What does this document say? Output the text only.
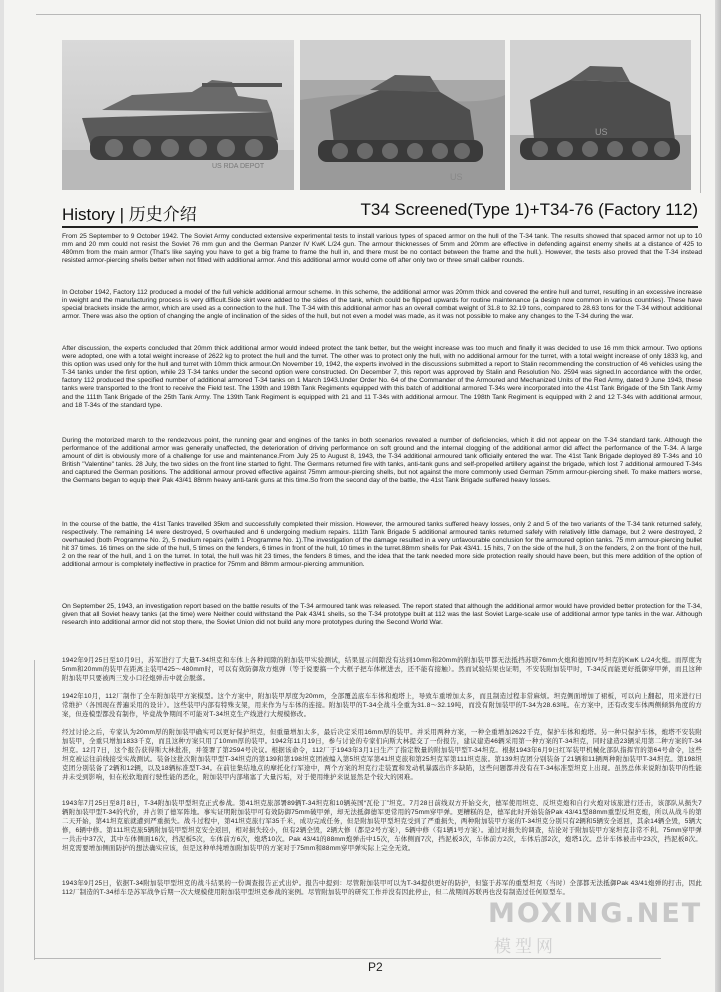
US RDA DEPOT
US
US
History | 历史介绍	T34 Screened(Type 1)+T34-76 (Factory 112)

From 25 September to 9 October 1942. The Soviet Army conducted extensive experimental tests to install various types of spaced armor on the hull of the T-34 tank. The results showed that spaced armor not up to 10 mm and 20 mm could not resist the Soviet 76 mm gun and the German Panzer IV KwK L/24 gun. The armour thicknesses of 5mm and 20mm are effective in defending against enemy shells at a distance of 425 to 480mm from the main armor (That's like saying you have to get a big frame to frame the hull in, and there must be no contact between the frame and the hull.). However, the tests also proved that the T-34 instead resisted armor-piercing shells better when not fitted with additional armor. And this additional armor would come off after only two or three small caliber rounds.

In October 1942, Factory 112 produced a model of the full vehicle additional armour scheme. In this scheme, the additional armor was 20mm thick and covered the entire hull and turret, resulting in an excessive increase in weight and the manufacturing process is very difficult.Side skirt were added to the sides of the tank, which could be flipped upwards for routine maintenance (a design now common in various countries). These have special brackets inside the armor, which are used as a connection to the hull. The T-34 with this additional armor has an overall combat weight of 31.8 to 32.19 tons, compared to 28.63 tons for the T-34 without additional armor. There was also the option of changing the angle of inclination of the sides of the hull, but not even a model was made, as it was not possible to make any changes to the T-34 during the war.

After discussion, the experts concluded that 20mm thick additional armor would indeed protect the tank better, but the weight increase was too much and finally it was decided to use 16 mm thick armour. Two options were adopted, one with a total weight increase of 2622 kg to protect the hull and the turret. The other was to protect only the hull, with no additional armour for the turret, with a total weight increase of only 1833 kg, and this option was used only for the hull and turret with 10mm thick armour.On November 19, 1942, the experts involved in the discussions submitted a report to Stalin recommending the construction of 46 vehicles using the T-34 tanks under the first option, while 23 T-34 tanks under the second option were constructed. On December 7, this report was approved by Stalin and Resolution No. 2594 was signed.In accordance with the order, factory 112 produced the specified number of additional armored T-34 tanks on 1 March 1943.Under Order No. 64 of the Commander of the Armoured and Mechanized Units of the Red Army, dated 9 June 1943, these tanks were transported to the front to receive the Field test. The 139th and 198th Tank Regiments equipped with this batch of additional armored T-34s were incorporated into the 41st Tank Brigade of the 5th Tank Army and the 111th Tank Brigade of the 25th Tank Army. The 139th Tank Regiment is equipped with 21 and 11 T-34s with additional armour. The 198th Tank Regiment is equipped with 2 and 12 T-34s with additional armour, and 18 T-34s of the standard type.

During the motorized march to the rendezvous point, the running gear and engines of the tanks in both scenarios revealed a number of deficiencies, which it did not appear on the T-34 standard tank. Although the performance of the additional armor was generally unaffected, the deterioration of driving performance on soft ground and the internal clogging of the additional armor did affect the performance of the T-34. A large amount of dirt is obviously more of a challenge for use and maintenance.From July 25 to August 8, 1943, the T-34 additional armoured tank officially entered the war. The 41st Tank Brigade deployed 89 T-34s and 10 British "Valentine" tanks. 28 July, the two sides on the front line started to fight. The Germans returned fire with tanks, anti-tank guns and self-propelled artillery against the brigade, which lost 7 additional armoured T-34s and captured the German positions. The additional armour proved effective against 75mm armour-piercing shells, but not against the more commonly used German 75mm armour-piercing shell. To make matters worse, the Germans began to equip their Pak 43/41 88mm heavy anti-tank guns at this time.So from the second day of the battle, the 41st Tank Brigade suffered heavy losses.

In the course of the battle, the 41st Tanks travelled 35km and successfully completed their mission. However, the armoured tanks suffered heavy losses, only 2 and 5 of the two variants of the T-34 tank returned safely, respectively. The remaining 14 were destroyed, 5 overhauled and 6 undergoing medium repairs. 111th Tank Brigade 5 additional armoured tanks returned safely with relatively little damage, but 2 were destroyed, 2 overhauled (both Programme No. 2), 5 medium repairs (with 1 Programme No. 1).The investigation of the damage resulted in a very unfavourable conclusion for the armoured option tanks. 75 mm armour-piercing bullet hit 37 times. 16 times on the side of the hull, 5 times on the fenders, 6 times in front of the hull, 10 times in the turret.88mm shells for Pak 43/41. 15 hits, 7 on the side of the hull, 3 on the fenders, 2 on the front of the hull, 2 on the rear of the hull, and 1 on the turret. In total, the hull was hit 23 times, the fenders 8 times, and the idea that the tank needed more side protection really should have been, but this mere addition of the option of additional armour is completely ineffective in practice for 75mm and 88mm armour-piercing ammunition.

On September 25, 1943, an investigation report based on the battle results of the T-34 armoured tank was released. The report stated that although the additional armor would have provided better protection for the T-34, given that all Soviet heavy tanks (at the time) were Neither could withstand the Pak 43/41 shells, so the T-34 prototype built at 112 was the last Soviet Large-scale use of additional armor type tanks in the war. Although research into additional armor did not stop there, the Soviet Union did not build any more prototypes during the Second World War.

1942年9月25日至10月9日，苏军进行了大量T-34坦克和车体上各种间隙的附加装甲实验测试，结果显示间隙没有达到10mm和20mm的附加装甲都无法抵挡苏联76mm火炮和德国IV号坦克的KwK L/24火炮。而厚度为5mm和20mm的装甲在距离主装甲425～480mm时，可以有效防御敌方炮弹（等于说要搞一个大框子把车体框进去，还不能有接触）。然而试验结果也证明，不安装附加装甲时，T-34反而能更好抵御穿甲弹，而且这种附加装甲只要被两三发小口径炮弹击中就会脱落。

1942年10月，112厂制作了全车附加装甲方案模型。这个方案中，附加装甲厚度为20mm，全部覆盖底车车体和炮塔上，导致车重增加太多，而且制造过程非常麻烦。坦克侧面增加了裙板，可以向上翻起，用来进行日常维护（各国现在普遍采用的设计）。这些装甲内部有特殊支架，用来作为与车体的连接。附加装甲的T-34全战斗全重为31.8～32.19吨，而没有附加装甲的T-34为28.63吨。在方案中，还有改变车体两侧倾斜角度的方案，但连模型都没有制作，毕竟战争期间不可能对T-34坦克生产线进行大规模修改。

经过讨论之后，专家认为20mm厚的附加装甲确实可以更好保护坦克，但重量增加太多，最后决定采用16mm厚的装甲。并采用两种方案，一种全重增加2622千克，保护车体和炮塔。另一种只保护车体，炮塔不安装附加装甲，全重只增加1833千克，而且这种方案只用了10mm厚的装甲。1942年11月19日，参与讨论的专家们向斯大林提交了一份报告，建议建造46辆采用第一种方案的T-34坦克，同时建造23辆采用第二种方案的T-34坦克。12月7日，这个报告获得斯大林批准，并签署了第2594号决议。根据该命令，112厂于1943年3月1日生产了指定数量的附加装甲型T-34坦克。根据1943年6月9日红军装甲机械化部队指挥官的第64号命令，这些坦克被运往前线接受实战测试。装备这批次附加装甲型T-34坦克的第139和第198坦克团被编入第5坦克军第41坦克旅和第25坦克军第111坦克旅。第139坦克团分别装备了21辆和11辆两种附加装甲T-34坦克。第198坦克团分别装备了2辆和12辆，以及18辆标准型T-34。在前往集结地点的摩托化行军途中，两个方案的坦克行走装置和发动机暴露出许多缺陷，这些问题都并没有在T-34标准型坦克上出现。虽然总体来说附加装甲的性能并未受到影响，但在松软地面行驶性能的恶化，附加装甲内部堵塞了大量污垢，对于使用维护来说显然是个较大的困难。

1943年7月25日至8月8日，T-34附加装甲型坦克正式参战。第41坦克旅部署89辆T-34坦克和10辆英国“瓦伦丁”坦克。7月28日前线双方开始交火，德军使用坦克、反坦克炮和自行火炮对该旅进行还击，该部队从损失7辆附加装甲型T-34的代价，并占领了德军阵地。事实证明附加装甲可有效防御75mm破甲弹，却无法抵御德军更常用的75mm穿甲弹。更糟糕的是，德军此时开始装备Pak 43/41型88mm重型反坦克炮，所以从战斗的第二天开始，第41坦克旅就遭到严重损失。战斗过程中，第41坦克旅行军35千米，成功完成任务，但是附加装甲型坦克受到了严重损失，两种附加装甲方案的T-34坦克分别只有2辆和5辆安全返回，其余14辆全毁，5辆大修，6辆中修。第111坦克旅5辆附加装甲型坦克安全返回，相对损失较小，但有2辆全毁，2辆大修（都是2号方案），5辆中修（有1辆1号方案）。通过对损失的调查，结论对于附加装甲方案坦克非常不利。75mm穿甲弹一共击中37次，其中车体侧面16次，挡泥板5次，车体前方6次，炮塔10次。Pak 43/41的88mm炮弹击中15次，车体侧面7次，挡泥板3次，车体前方2次，车体后部2次，炮塔1次。总计车体被击中23次，挡泥板8次。坦克需要增加侧面防护的想法确实应该，但是这种单纯增加附加装甲的方案对于75mm和88mm穿甲弹实际上完全无效。

1943年9月25日，依据T-34附加装甲型坦克的战斗结果的一份调查报告正式出炉。报告中提到：尽管附加装甲可以为T-34提供更好的防护，但鉴于苏军的重型坦克（当时）全部都无法抵御Pak 43/41炮弹的打击，因此112厂制造的T-34样车是苏军战争后期一次大规模使用附加装甲型坦克参战的案例。尽管附加装甲的研究工作并没有因此停止，但二战期间苏联再也没有制造过任何原型车。

MOXING.NET
模型网
P2
